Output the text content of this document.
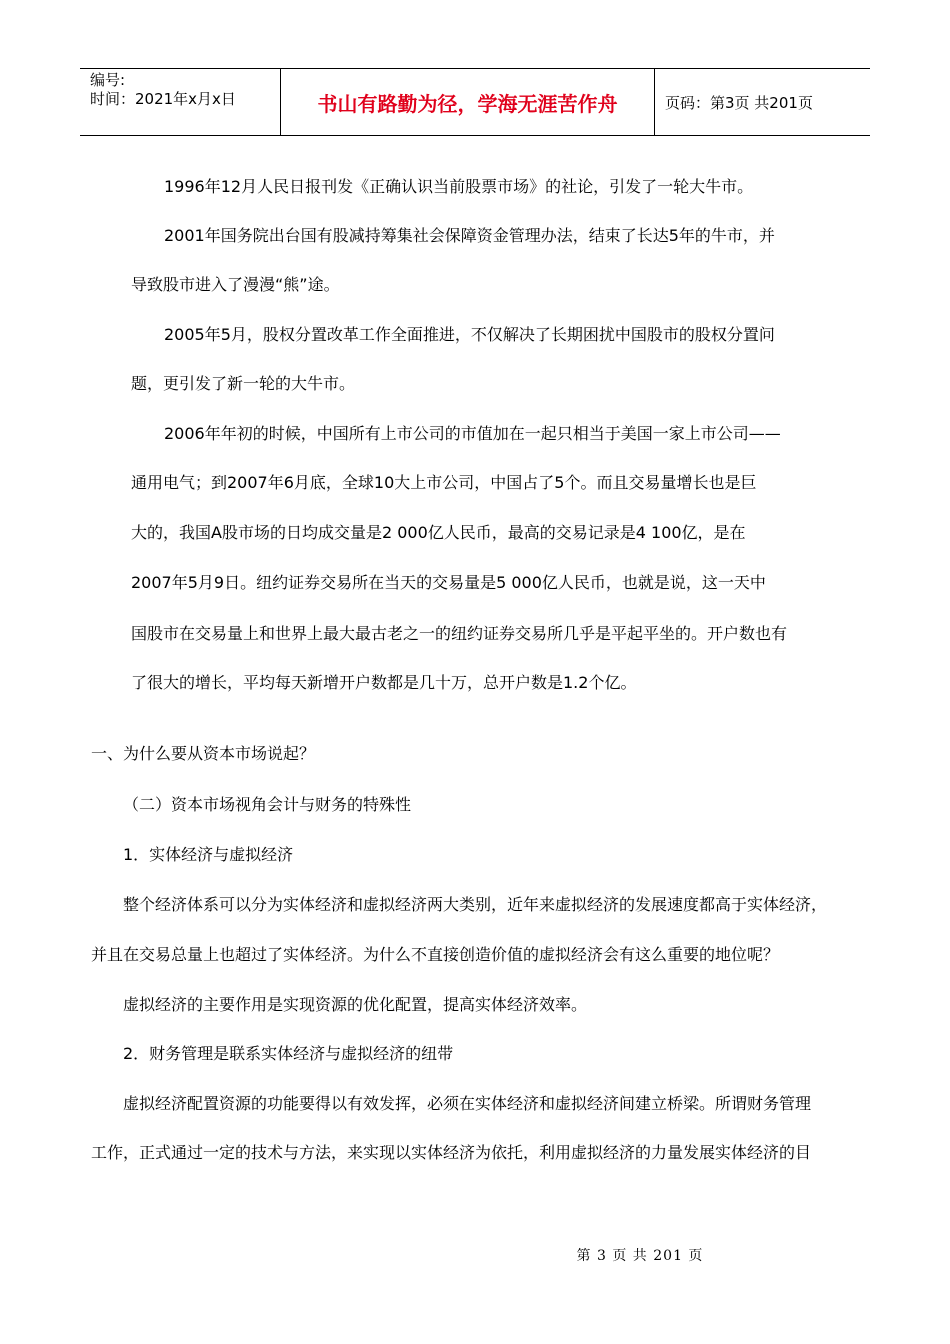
编号:
时间：2021年x月x日	书山有路勤为径，学海无涯苦作舟	页码：第3页 共201页
1996年12月人民日报刊发《正确认识当前股票市场》的社论，引发了一轮大牛市。
2001年国务院出台国有股减持筹集社会保障资金管理办法，结束了长达5年的牛市，并
导致股市进入了漫漫“熊”途。
2005年5月，股权分置改革工作全面推进，不仅解决了长期困扰中国股市的股权分置问
题，更引发了新一轮的大牛市。
2006年年初的时候，中国所有上市公司的市值加在一起只相当于美国一家上市公司——
通用电气；到2007年6月底，全球10大上市公司，中国占了5个。而且交易量增长也是巨
大的，我国A股市场的日均成交量是2 000亿人民币，最高的交易记录是4 100亿，是在
2007年5月9日。纽约证券交易所在当天的交易量是5 000亿人民币，也就是说，这一天中
国股市在交易量上和世界上最大最古老之一的纽约证券交易所几乎是平起平坐的。开户数也有
了很大的增长，平均每天新增开户数都是几十万，总开户数是1.2个亿。
一、为什么要从资本市场说起？
（二）资本市场视角会计与财务的特殊性
1．实体经济与虚拟经济
整个经济体系可以分为实体经济和虚拟经济两大类别，近年来虚拟经济的发展速度都高于实体经济，
并且在交易总量上也超过了实体经济。为什么不直接创造价值的虚拟经济会有这么重要的地位呢？
虚拟经济的主要作用是实现资源的优化配置，提高实体经济效率。
2．财务管理是联系实体经济与虚拟经济的纽带
虚拟经济配置资源的功能要得以有效发挥，必须在实体经济和虚拟经济间建立桥梁。所谓财务管理
工作，正式通过一定的技术与方法，来实现以实体经济为依托，利用虚拟经济的力量发展实体经济的目
第 3 页 共 201 页
